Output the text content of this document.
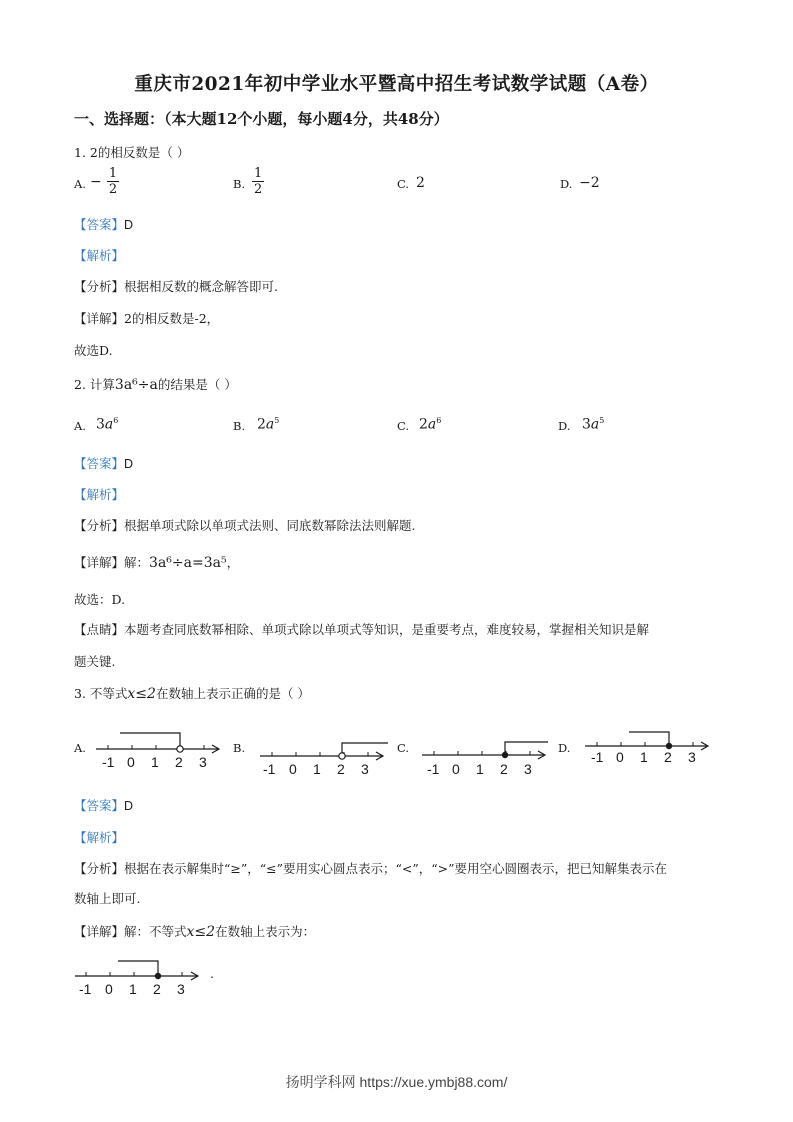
重庆市2021年初中学业水平暨高中招生考试数学试题（A卷）
一、选择题：（本大题12个小题，每小题4分，共48分）
1. 2的相反数是（ ）
A. − $\frac{1}{2}$	B. $\frac{1}{2}$	C. 2	D. −2
【答案】D
【解析】
【分析】根据相反数的概念解答即可.
【详解】2的相反数是-2，
故选D.
2. 计算3a⁶÷a的结果是（ ）
A. $3a^6$	B. $2a^5$	C. $2a^6$	D. $3a^5$
【答案】D
【解析】
【分析】根据单项式除以单项式法则、同底数幂除法法则解题.
【详解】解：3a⁶÷a=3a⁵，
故选：D.
【点睛】本题考查同底数幂相除、单项式除以单项式等知识，是重要考点，难度较易，掌握相关知识是解
题关键.
3. 不等式x≤2在数轴上表示正确的是（ ）
A.
-1 0 1 2 3
B.
-1 0 1 2 3
C.
-1 0 1 2 3
D.
-1 0 1 2 3
【答案】D
【解析】
【分析】根据在表示解集时“≥”，“≤”要用实心圆点表示；“<”，“>”要用空心圆圈表示，把已知解集表示在
数轴上即可.
【详解】解：不等式x≤2在数轴上表示为：
-1 0 1 2 3
.
扬明学科网 https://xue.ymbj88.com/
